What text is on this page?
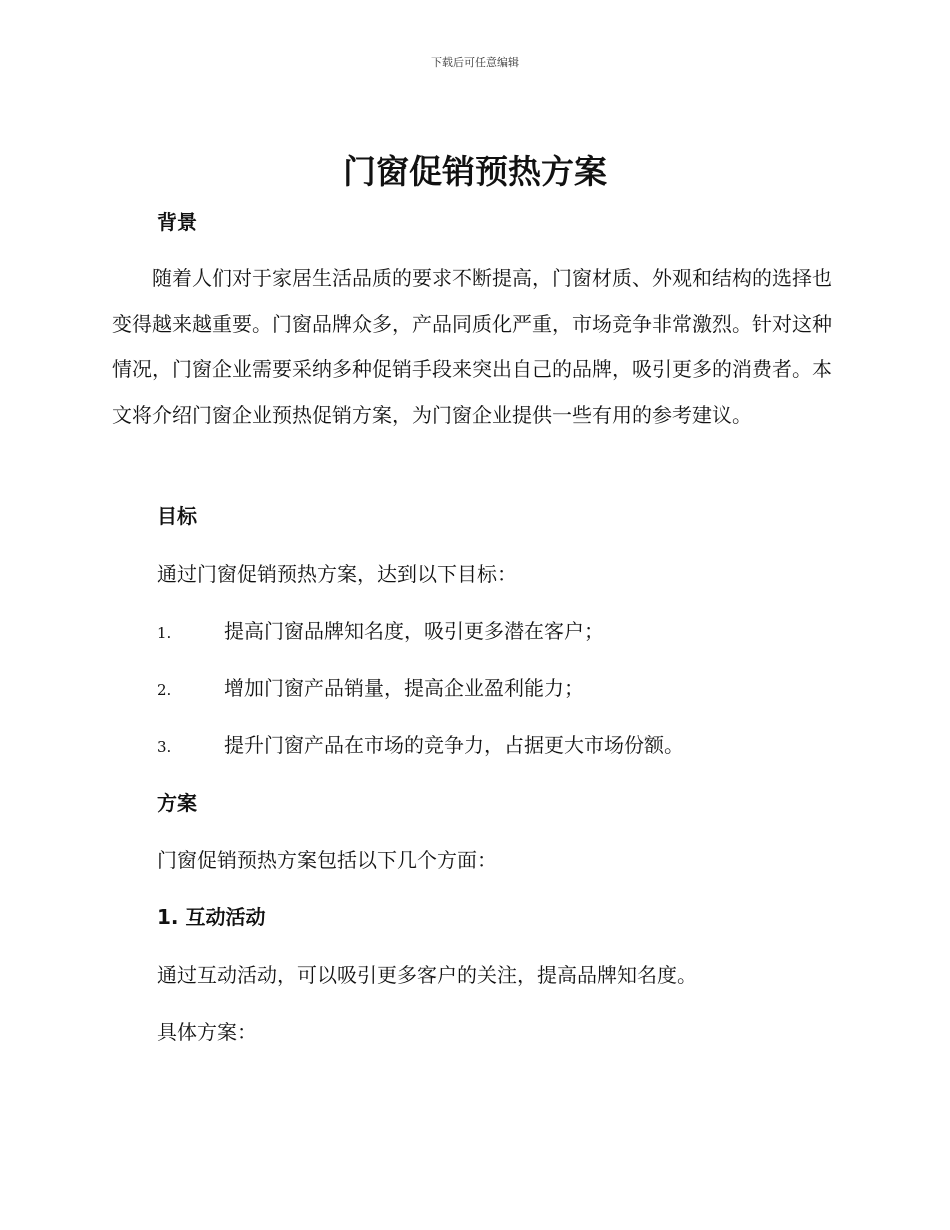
下载后可任意编辑
门窗促销预热方案
背景

随着人们对于家居生活品质的要求不断提高，门窗材质、外观和结构的选择也变得越来越重要。门窗品牌众多，产品同质化严重，市场竞争非常激烈。针对这种情况，门窗企业需要采纳多种促销手段来突出自己的品牌，吸引更多的消费者。本文将介绍门窗企业预热促销方案，为门窗企业提供一些有用的参考建议。

目标

通过门窗促销预热方案，达到以下目标：

1.	提高门窗品牌知名度，吸引更多潜在客户；
2.	增加门窗产品销量，提高企业盈利能力；
3.	提升门窗产品在市场的竞争力，占据更大市场份额。
方案

门窗促销预热方案包括以下几个方面：

1. 互动活动

通过互动活动，可以吸引更多客户的关注，提高品牌知名度。

具体方案：
